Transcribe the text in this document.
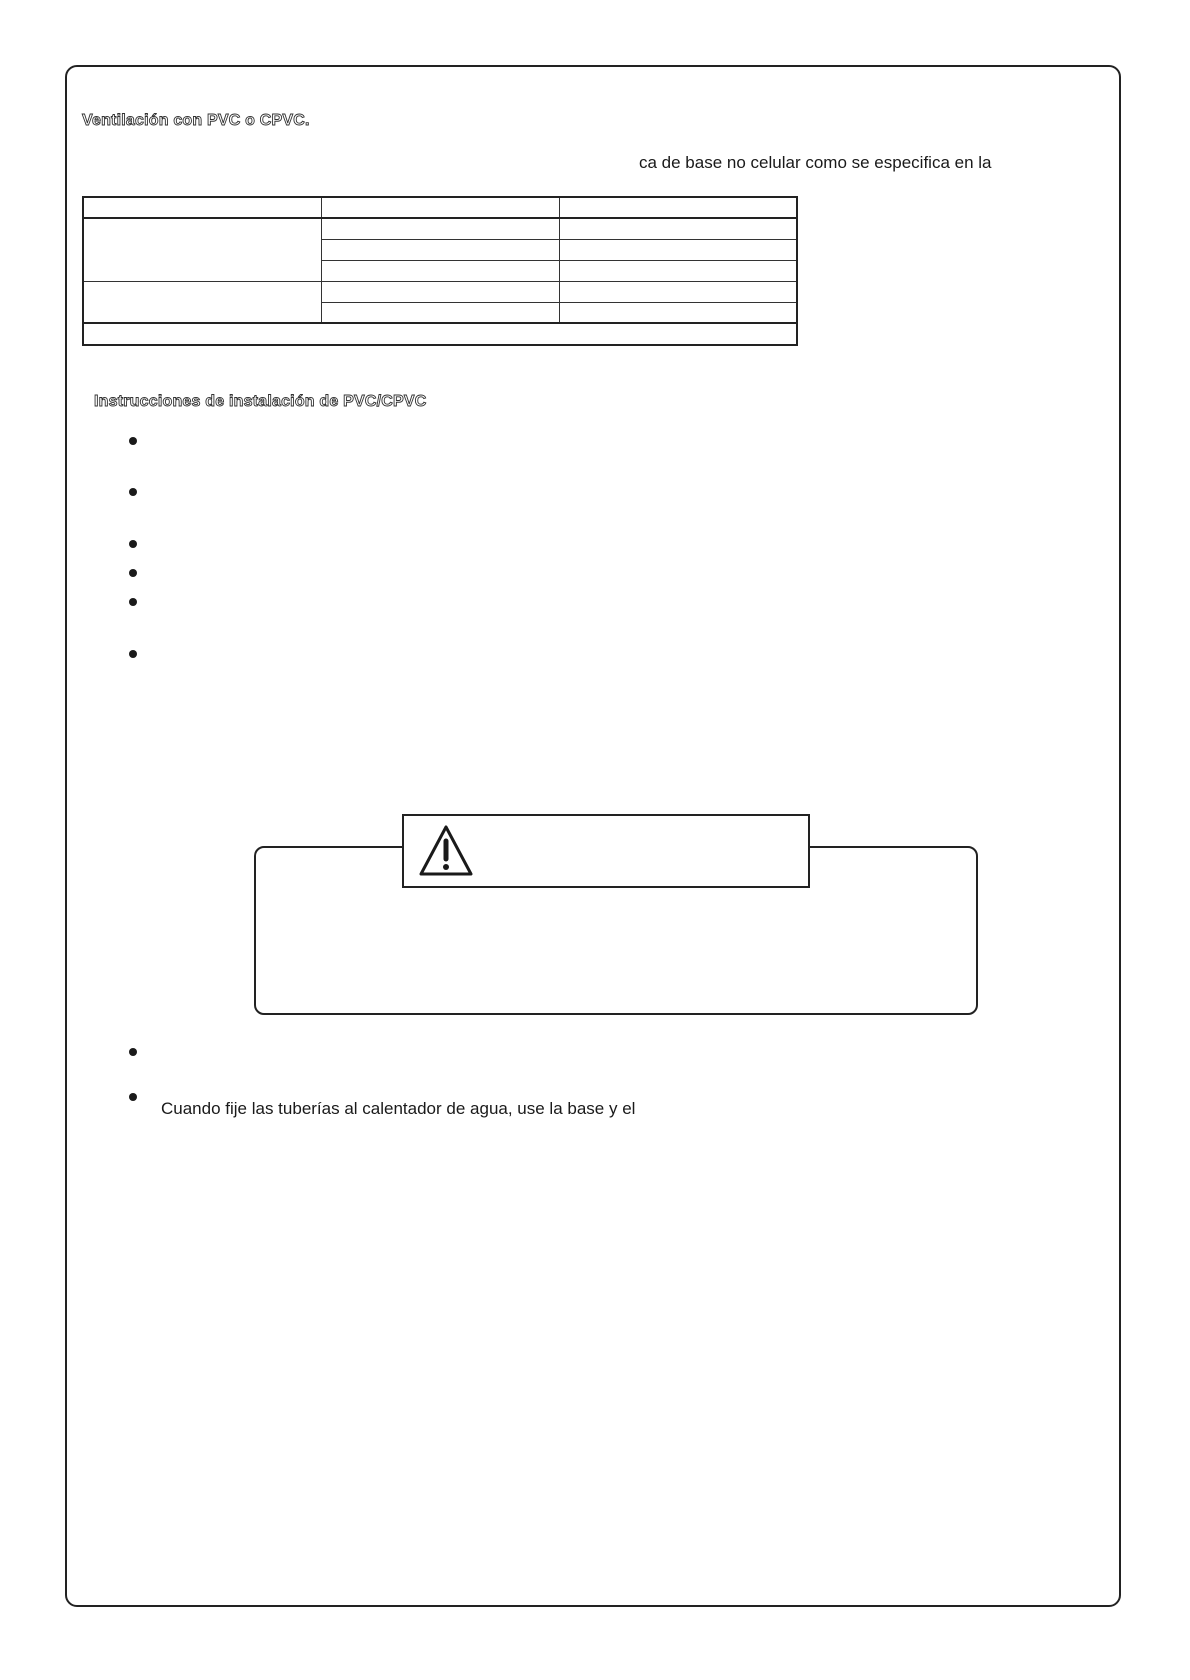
Ventilación con PVC o CPVC.

ca de base no celular como se especifica en la

Instrucciones de instalación de PVC/CPVC

Cuando fije las tuberías al calentador de agua, use la base y el
